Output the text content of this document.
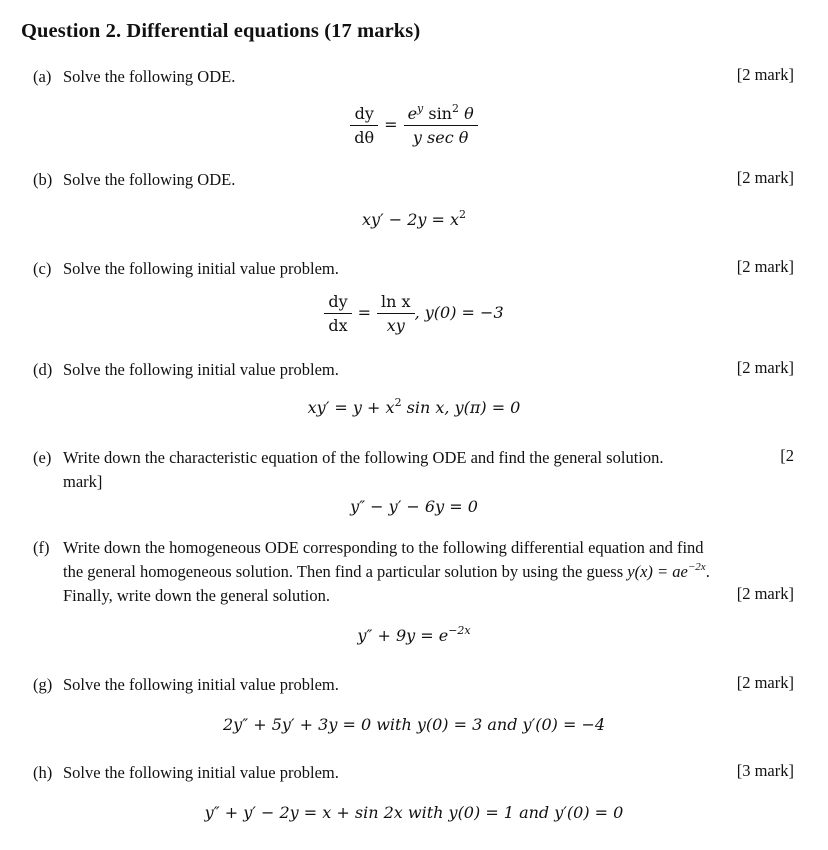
Question 2. Differential equations (17 marks)
(a) Solve the following ODE.	[2 mark]
$\frac{dy}{d\theta} = \frac{e^y \sin^2 \theta}{\text{y sec θ}}$
(b) Solve the following ODE.	[2 mark]
$xy' - 2y = x^2$
(c) Solve the following initial value problem.	[2 mark]
$\frac{dy}{dx} = \frac{\text{ln x}}{xy}$ , y(0) = −3
(d) Solve the following initial value problem.	[2 mark]
$xy' = y + x^2$ sin x, y(π) = 0
(e) Write down the characteristic equation of the following ODE and find the general solution.
mark]
[2
y″ − y′ − 6y = 0
(f) Write down the homogeneous ODE corresponding to the following differential equation and find
the general homogeneous solution. Then find a particular solution by using the guess $y(x) = ae^{-2x}$.
Finally, write down the general solution.	[2 mark]
$y'' + 9y = e^{-2x}$
(g) Solve the following initial value problem.	[2 mark]
2y″ + 5y′ + 3y = 0 with y(0) = 3 and y′(0) = −4
(h) Solve the following initial value problem.	[3 mark]
y″ + y′ − 2y = x + sin 2x with y(0) = 1 and y′(0) = 0
